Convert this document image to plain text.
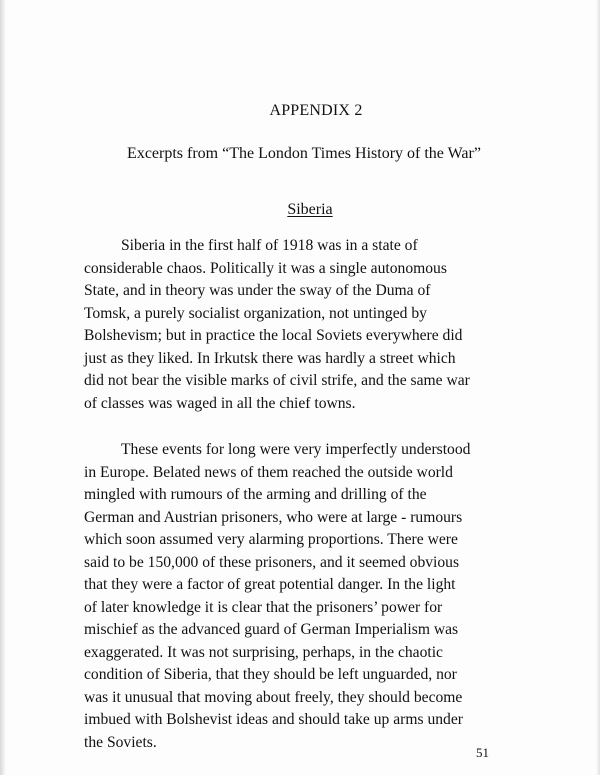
APPENDIX 2
Excerpts from “The London Times History of the War”
Siberia
Siberia in the first half of 1918 was in a state of
considerable chaos. Politically it was a single autonomous
State, and in theory was under the sway of the Duma of
Tomsk, a purely socialist organization, not untinged by
Bolshevism; but in practice the local Soviets everywhere did
just as they liked. In Irkutsk there was hardly a street which
did not bear the visible marks of civil strife, and the same war
of classes was waged in all the chief towns.
These events for long were very imperfectly understood
in Europe. Belated news of them reached the outside world
mingled with rumours of the arming and drilling of the
German and Austrian prisoners, who were at large - rumours
which soon assumed very alarming proportions. There were
said to be 150,000 of these prisoners, and it seemed obvious
that they were a factor of great potential danger. In the light
of later knowledge it is clear that the prisoners’ power for
mischief as the advanced guard of German Imperialism was
exaggerated. It was not surprising, perhaps, in the chaotic
condition of Siberia, that they should be left unguarded, nor
was it unusual that moving about freely, they should become
imbued with Bolshevist ideas and should take up arms under
the Soviets.
51
